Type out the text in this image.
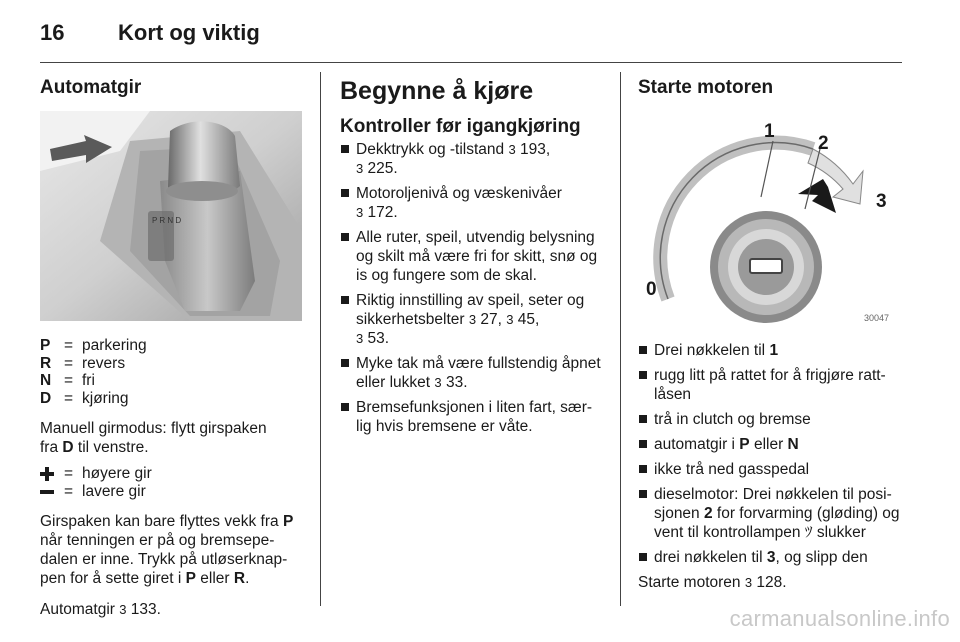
16	Kort og viktig
Automatgir
P R N D
P = parkering
R = revers
N = fri
D = kjøring
Manuell girmodus: flytt girspaken
fra D til venstre.
= høyere gir
= lavere gir
Girspaken kan bare flyttes vekk fra P
når tenningen er på og bremsepe-
dalen er inne. Trykk på utløserknap-
pen for å sette giret i P eller R.
Automatgir 3 133.
Begynne å kjøre
Kontroller før igangkjøring
Dekktrykk og -tilstand 3 193,
3 225.
Motoroljenivå og væskenivåer
3 172.
Alle ruter, speil, utvendig belysning
og skilt må være fri for skitt, snø og
is og fungere som de skal.
Riktig innstilling av speil, seter og
sikkerhetsbelter 3 27, 3 45,
3 53.
Myke tak må være fullstendig åpnet
eller lukket 3 33.
Bremsefunksjonen i liten fart, sær-
lig hvis bremsene er våte.
Starte motoren
0
1
2
3
30047
Drei nøkkelen til 1
rugg litt på rattet for å frigjøre ratt-
låsen
trå in clutch og bremse
automatgir i P eller N
ikke trå ned gasspedal
dieselmotor: Drei nøkkelen til posi-
sjonen 2 for forvarming (gløding) og
vent til kontrollampen ﾂ slukker
drei nøkkelen til 3, og slipp den
Starte motoren 3 128.
carmanualsonline.info
